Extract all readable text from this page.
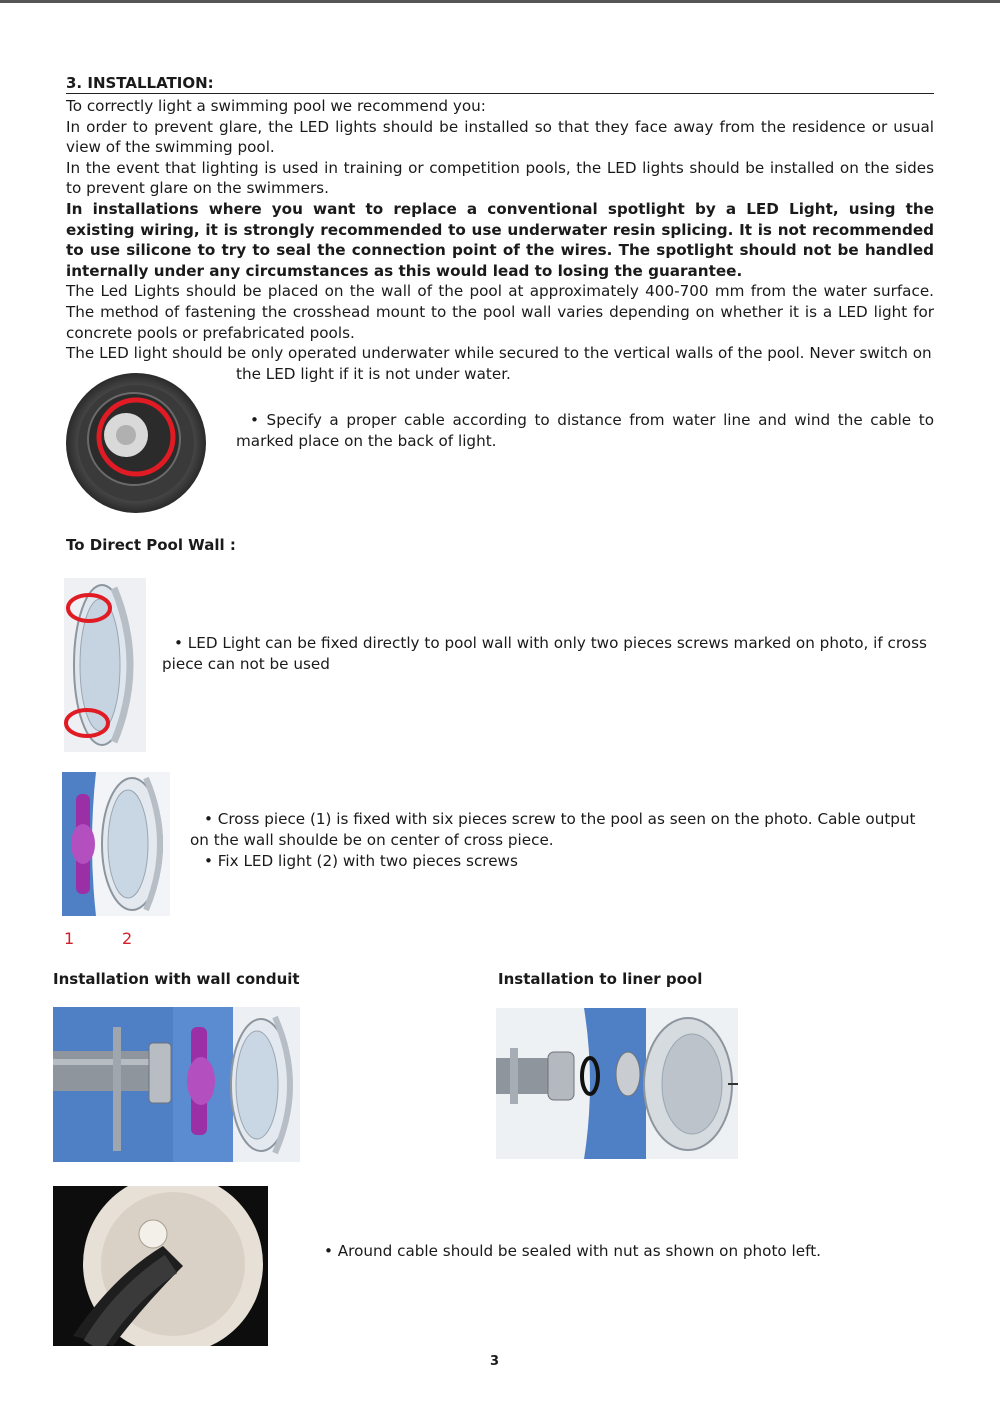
3. INSTALLATION:

To correctly light a swimming pool we recommend you:

In order to prevent glare, the LED lights should be installed so that they face away from the residence or usual view of the swimming pool.

In the event that lighting is used in training or competition pools, the LED lights should be installed on the sides to prevent glare on the swimmers.

In installations where you want to replace a conventional spotlight by a LED Light, using the existing wiring, it is strongly recommended to use underwater resin splicing. It is not recommended to use silicone to try to seal the connection point of the wires. The spotlight should not be handled internally under any circumstances as this would lead to losing the guarantee.

The Led Lights should be placed on the wall of the pool at approximately 400-700 mm from the water surface. The method of fastening the crosshead mount to the pool wall varies depending on whether it is a LED light for concrete pools or prefabricated pools.

The LED light should be only operated underwater while secured to the vertical walls of the pool. Never switch on

the LED light if it is not under water.
• Specify a proper cable according to distance from water line and wind the cable to marked place on the back of light.
To Direct Pool Wall :
• LED Light can be fixed directly to pool wall with only two pieces screws marked on photo, if cross piece can not be used
• Cross piece (1) is fixed with six pieces screw to the pool as seen on the photo. Cable output on the wall shoulde be on center of cross piece.
• Fix LED light (2) with two pieces screws
1	2
Installation with wall conduit	Installation to liner pool
• Around cable should be sealed with nut as shown on photo left.
3
